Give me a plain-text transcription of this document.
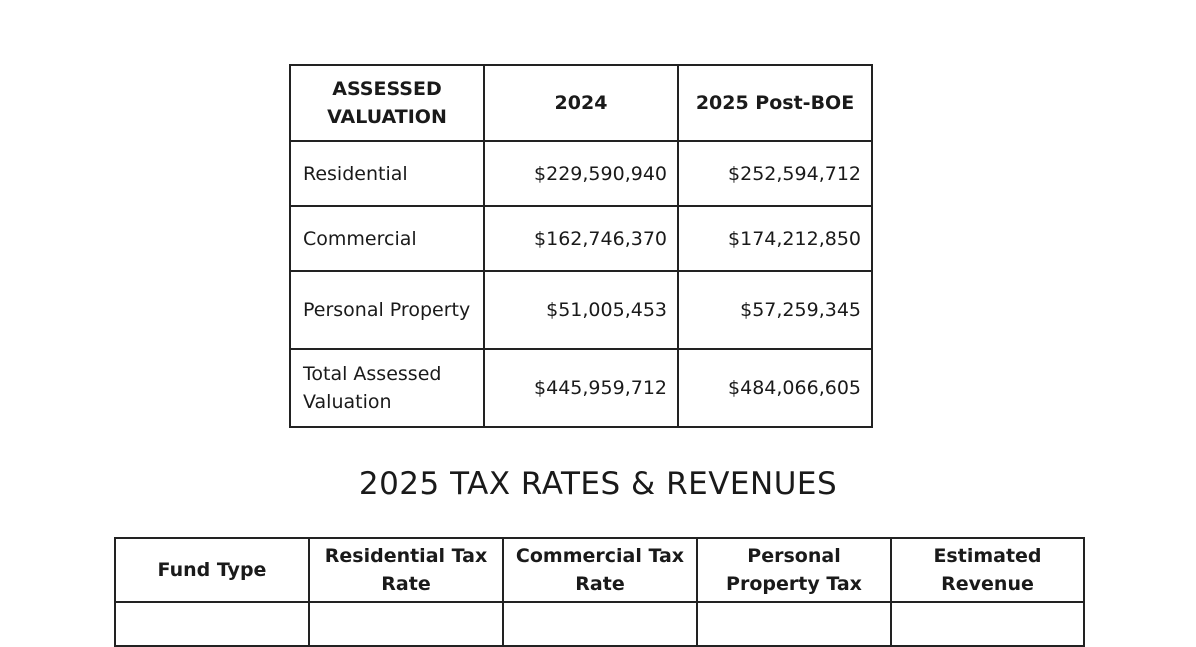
ASSESSED VALUATION	2024	2025 Post-BOE
Residential	$229,590,940	$252,594,712
Commercial	$162,746,370	$174,212,850
Personal Property	$51,005,453	$57,259,345
Total Assessed Valuation	$445,959,712	$484,066,605
2025 TAX RATES & REVENUES
Fund Type	Residential Tax Rate	Commercial Tax Rate	Personal Property Tax	Estimated Revenue
